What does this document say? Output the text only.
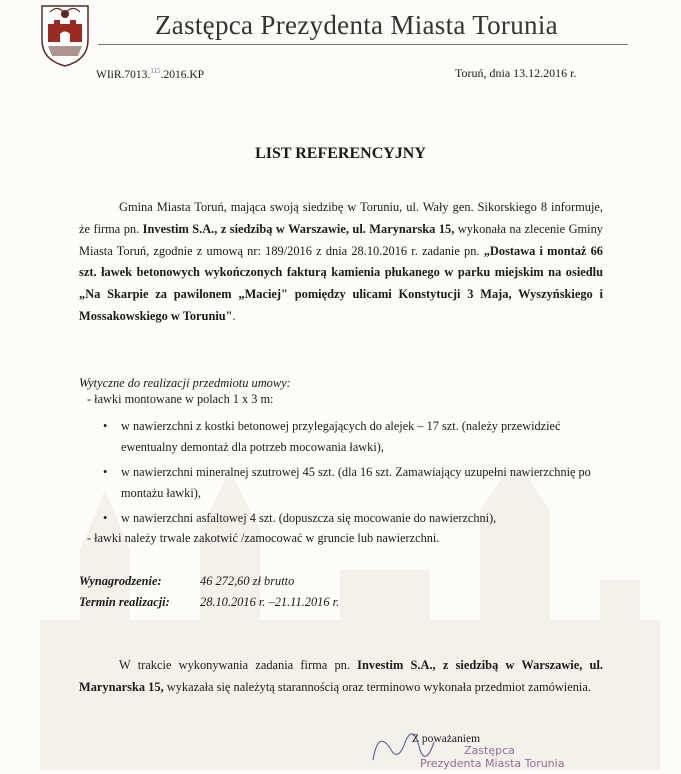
Zastępca Prezydenta Miasta Torunia
WIiR.7013.$^{115}$.2016.KP	Toruń, dnia 13.12.2016 r.
LIST REFERENCYJNY

Gmina Miasta Toruń, mająca swoją siedzibę w Toruniu, ul. Wały gen. Sikorskiego 8 informuje, że firma pn. Investim S.A., z siedzibą w Warszawie, ul. Marynarska 15, wykonała na zlecenie Gminy Miasta Toruń, zgodnie z umową nr: 189/2016 z dnia 28.10.2016 r. zadanie pn. „Dostawa i montaż 66 szt. ławek betonowych wykończonych fakturą kamienia płukanego w parku miejskim na osiedlu „Na Skarpie za pawilonem „Maciej" pomiędzy ulicami Konstytucji 3 Maja, Wyszyńskiego i Mossakowskiego w Toruniu".

Wytyczne do realizacji przedmiotu umowy:
- ławki montowane w polach 1 x 3 m:
• w nawierzchni z kostki betonowej przylegających do alejek – 17 szt. (należy przewidzieć ewentualny demontaż dla potrzeb mocowania ławki),
• w nawierzchni mineralnej szutrowej 45 szt. (dla 16 szt. Zamawiający uzupełni nawierzchnię po montażu ławki),
• w nawierzchni asfaltowej 4 szt. (dopuszcza się mocowanie do nawierzchni),
- ławki należy trwale zakotwić /zamocować w gruncie lub nawierzchni.
Wynagrodzenie:	46 272,60 zł brutto
Termin realizacji: 28.10.2016 r. –21.11.2016 r.

W trakcie wykonywania zadania firma pn. Investim S.A., z siedzibą w Warszawie, ul. Marynarska 15, wykazała się należytą starannością oraz terminowo wykonała przedmiot zamówienia.

Z poważaniem
Zastępca
Prezydenta Miasta Torunia
